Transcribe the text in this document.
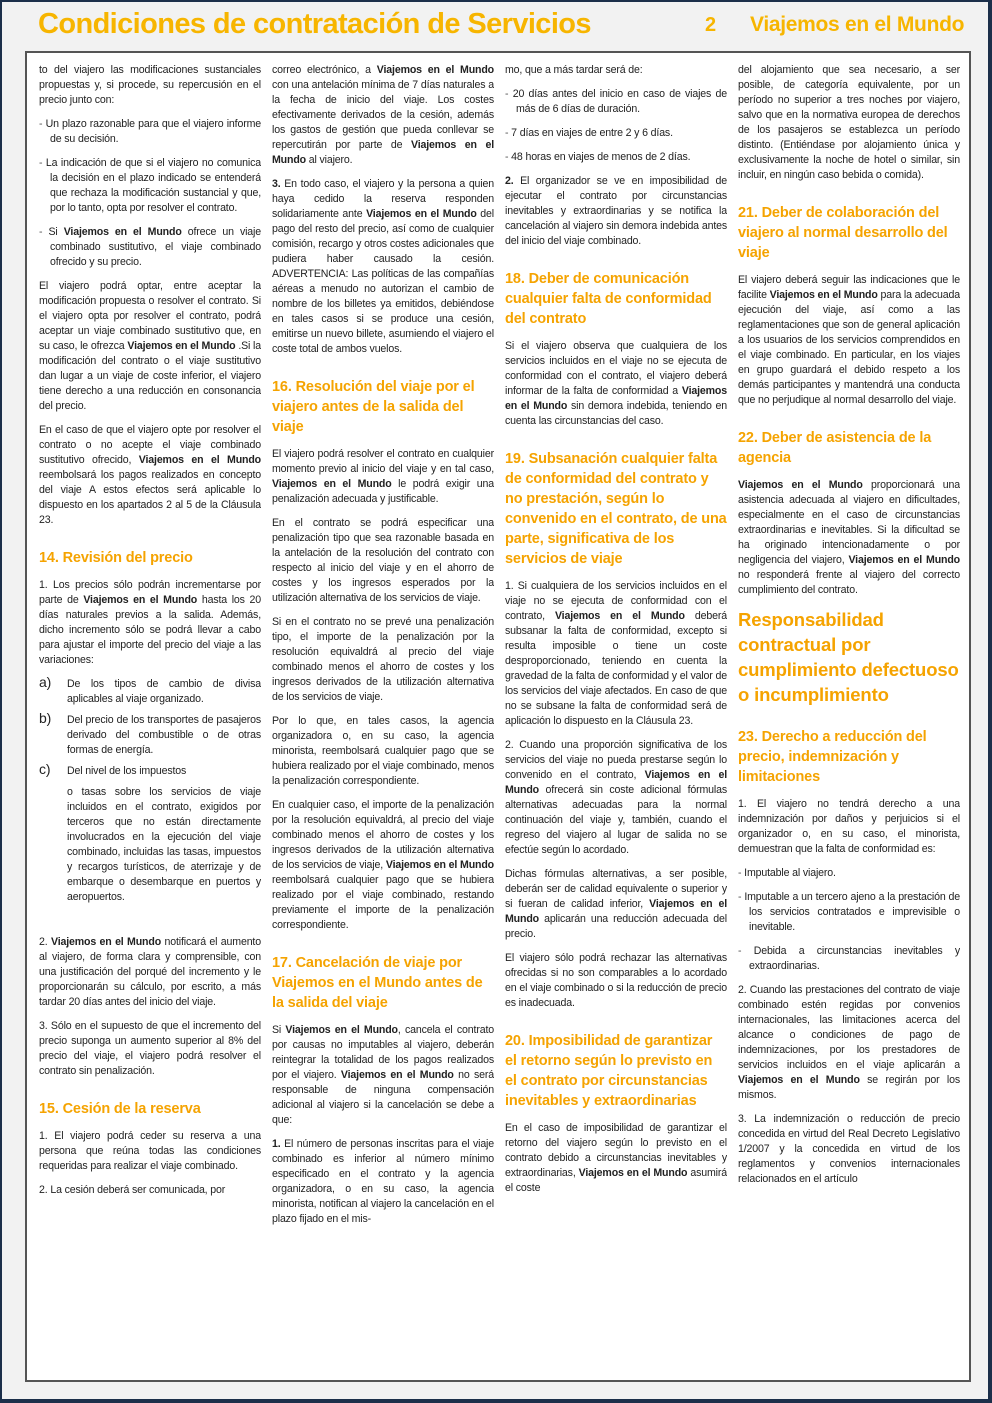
Condiciones de contratación de Servicios	2 Viajemos en el Mundo
to del viajero las modificaciones sustanciales propuestas y, si procede, su repercusión en el precio junto con:
- Un plazo razonable para que el viajero informe de su decisión.
- La indicación de que si el viajero no comunica la decisión en el plazo indicado se entenderá que rechaza la modificación sustancial y que, por lo tanto, opta por resolver el contrato.
- Si Viajemos en el Mundo ofrece un viaje combinado sustitutivo, el viaje combinado ofrecido y su precio.
El viajero podrá optar, entre aceptar la modificación propuesta o resolver el contrato. Si el viajero opta por resolver el contrato, podrá aceptar un viaje combinado sustitutivo que, en su caso, le ofrezca Viajemos en el Mundo .Si la modificación del contrato o el viaje sustitutivo dan lugar a un viaje de coste inferior, el viajero tiene derecho a una reducción en consonancia del precio.
En el caso de que el viajero opte por resolver el contrato o no acepte el viaje combinado sustitutivo ofrecido, Viajemos en el Mundo reembolsará los pagos realizados en concepto del viaje A estos efectos será aplicable lo dispuesto en los apartados 2 al 5 de la Cláusula 23.
14. Revisión del precio
1. Los precios sólo podrán incrementarse por parte de Viajemos en el Mundo hasta los 20 días naturales previos a la salida. Además, dicho incremento sólo se podrá llevar a cabo para ajustar el importe del precio del viaje a las variaciones:
a) De los tipos de cambio de divisa aplicables al viaje organizado.
b) Del precio de los transportes de pasajeros derivado del combustible o de otras formas de energía.
c) Del nivel de los impuestos
o tasas sobre los servicios de viaje incluidos en el contrato, exigidos por terceros que no están directamente involucrados en la ejecución del viaje combinado, incluidas las tasas, impuestos y recargos turísticos, de aterrizaje y de embarque o desembarque en puertos y aeropuertos.
2. Viajemos en el Mundo notificará el aumento al viajero, de forma clara y comprensible, con una justificación del porqué del incremento y le proporcionarán su cálculo, por escrito, a más tardar 20 días antes del inicio del viaje.
3. Sólo en el supuesto de que el incremento del precio suponga un aumento superior al 8% del precio del viaje, el viajero podrá resolver el contrato sin penalización.
15. Cesión de la reserva
1. El viajero podrá ceder su reserva a una persona que reúna todas las condiciones requeridas para realizar el viaje combinado.
2. La cesión deberá ser comunicada, por
correo electrónico, a Viajemos en el Mundo con una antelación mínima de 7 días naturales a la fecha de inicio del viaje. Los costes efectivamente derivados de la cesión, además los gastos de gestión que pueda conllevar se repercutirán por parte de Viajemos en el Mundo al viajero.
3. En todo caso, el viajero y la persona a quien haya cedido la reserva responden solidariamente ante Viajemos en el Mundo del pago del resto del precio, así como de cualquier comisión, recargo y otros costes adicionales que pudiera haber causado la cesión. ADVERTENCIA: Las políticas de las compañías aéreas a menudo no autorizan el cambio de nombre de los billetes ya emitidos, debiéndose en tales casos si se produce una cesión, emitirse un nuevo billete, asumiendo el viajero el coste total de ambos vuelos.
16. Resolución del viaje por el viajero antes de la salida del viaje
El viajero podrá resolver el contrato en cualquier momento previo al inicio del viaje y en tal caso, Viajemos en el Mundo le podrá exigir una penalización adecuada y justificable.
En el contrato se podrá especificar una penalización tipo que sea razonable basada en la antelación de la resolución del contrato con respecto al inicio del viaje y en el ahorro de costes y los ingresos esperados por la utilización alternativa de los servicios de viaje.
Si en el contrato no se prevé una penalización tipo, el importe de la penalización por la resolución equivaldrá al precio del viaje combinado menos el ahorro de costes y los ingresos derivados de la utilización alternativa de los servicios de viaje.
Por lo que, en tales casos, la agencia organizadora o, en su caso, la agencia minorista, reembolsará cualquier pago que se hubiera realizado por el viaje combinado, menos la penalización correspondiente.
En cualquier caso, el importe de la penalización por la resolución equivaldrá, al precio del viaje combinado menos el ahorro de costes y los ingresos derivados de la utilización alternativa de los servicios de viaje, Viajemos en el Mundo reembolsará cualquier pago que se hubiera realizado por el viaje combinado, restando previamente el importe de la penalización correspondiente.
17. Cancelación de viaje por Viajemos en el Mundo antes de la salida del viaje
Si Viajemos en el Mundo, cancela el contrato por causas no imputables al viajero, deberán reintegrar la totalidad de los pagos realizados por el viajero. Viajemos en el Mundo no será responsable de ninguna compensación adicional al viajero si la cancelación se debe a que:
1. El número de personas inscritas para el viaje combinado es inferior al número mínimo especificado en el contrato y la agencia organizadora, o en su caso, la agencia minorista, notifican al viajero la cancelación en el plazo fijado en el mis-
mo, que a más tardar será de:
- 20 días antes del inicio en caso de viajes de más de 6 días de duración.
- 7 días en viajes de entre 2 y 6 días.
- 48 horas en viajes de menos de 2 días.
2. El organizador se ve en imposibilidad de ejecutar el contrato por circunstancias inevitables y extraordinarias y se notifica la cancelación al viajero sin demora indebida antes del inicio del viaje combinado.
18. Deber de comunicación cualquier falta de conformidad del contrato
Si el viajero observa que cualquiera de los servicios incluidos en el viaje no se ejecuta de conformidad con el contrato, el viajero deberá informar de la falta de conformidad a Viajemos en el Mundo sin demora indebida, teniendo en cuenta las circunstancias del caso.
19. Subsanación cualquier falta de conformidad del contrato y no prestación, según lo convenido en el contrato, de una parte, significativa de los servicios de viaje
1. Si cualquiera de los servicios incluidos en el viaje no se ejecuta de conformidad con el contrato, Viajemos en el Mundo deberá subsanar la falta de conformidad, excepto si resulta imposible o tiene un coste desproporcionado, teniendo en cuenta la gravedad de la falta de conformidad y el valor de los servicios del viaje afectados. En caso de que no se subsane la falta de conformidad será de aplicación lo dispuesto en la Cláusula 23.
2. Cuando una proporción significativa de los servicios del viaje no pueda prestarse según lo convenido en el contrato, Viajemos en el Mundo ofrecerá sin coste adicional fórmulas alternativas adecuadas para la normal continuación del viaje y, también, cuando el regreso del viajero al lugar de salida no se efectúe según lo acordado.
Dichas fórmulas alternativas, a ser posible, deberán ser de calidad equivalente o superior y si fueran de calidad inferior, Viajemos en el Mundo aplicarán una reducción adecuada del precio.
El viajero sólo podrá rechazar las alternativas ofrecidas si no son comparables a lo acordado en el viaje combinado o si la reducción de precio es inadecuada.
20. Imposibilidad de garantizar el retorno según lo previsto en el contrato por circunstancias inevitables y extraordinarias
En el caso de imposibilidad de garantizar el retorno del viajero según lo previsto en el contrato debido a circunstancias inevitables y extraordinarias, Viajemos en el Mundo asumirá el coste
del alojamiento que sea necesario, a ser posible, de categoría equivalente, por un período no superior a tres noches por viajero, salvo que en la normativa europea de derechos de los pasajeros se establezca un período distinto. (Entiéndase por alojamiento única y exclusivamente la noche de hotel o similar, sin incluir, en ningún caso bebida o comida).
21. Deber de colaboración del viajero al normal desarrollo del viaje
El viajero deberá seguir las indicaciones que le facilite Viajemos en el Mundo para la adecuada ejecución del viaje, así como a las reglamentaciones que son de general aplicación a los usuarios de los servicios comprendidos en el viaje combinado. En particular, en los viajes en grupo guardará el debido respeto a los demás participantes y mantendrá una conducta que no perjudique al normal desarrollo del viaje.
22. Deber de asistencia de la agencia
Viajemos en el Mundo proporcionará una asistencia adecuada al viajero en dificultades, especialmente en el caso de circunstancias extraordinarias e inevitables. Si la dificultad se ha originado intencionadamente o por negligencia del viajero, Viajemos en el Mundo no responderá frente al viajero del correcto cumplimiento del contrato.
Responsabilidad contractual por cumplimiento defectuoso o incumplimiento
23. Derecho a reducción del precio, indemnización y limitaciones
1. El viajero no tendrá derecho a una indemnización por daños y perjuicios si el organizador o, en su caso, el minorista, demuestran que la falta de conformidad es:
- Imputable al viajero.
- Imputable a un tercero ajeno a la prestación de los servicios contratados e imprevisible o inevitable.
- Debida a circunstancias inevitables y extraordinarias.
2. Cuando las prestaciones del contrato de viaje combinado estén regidas por convenios internacionales, las limitaciones acerca del alcance o condiciones de pago de indemnizaciones, por los prestadores de servicios incluidos en el viaje aplicarán a Viajemos en el Mundo se regirán por los mismos.
3. La indemnización o reducción de precio concedida en virtud del Real Decreto Legislativo 1/2007 y la concedida en virtud de los reglamentos y convenios internacionales relacionados en el artículo
